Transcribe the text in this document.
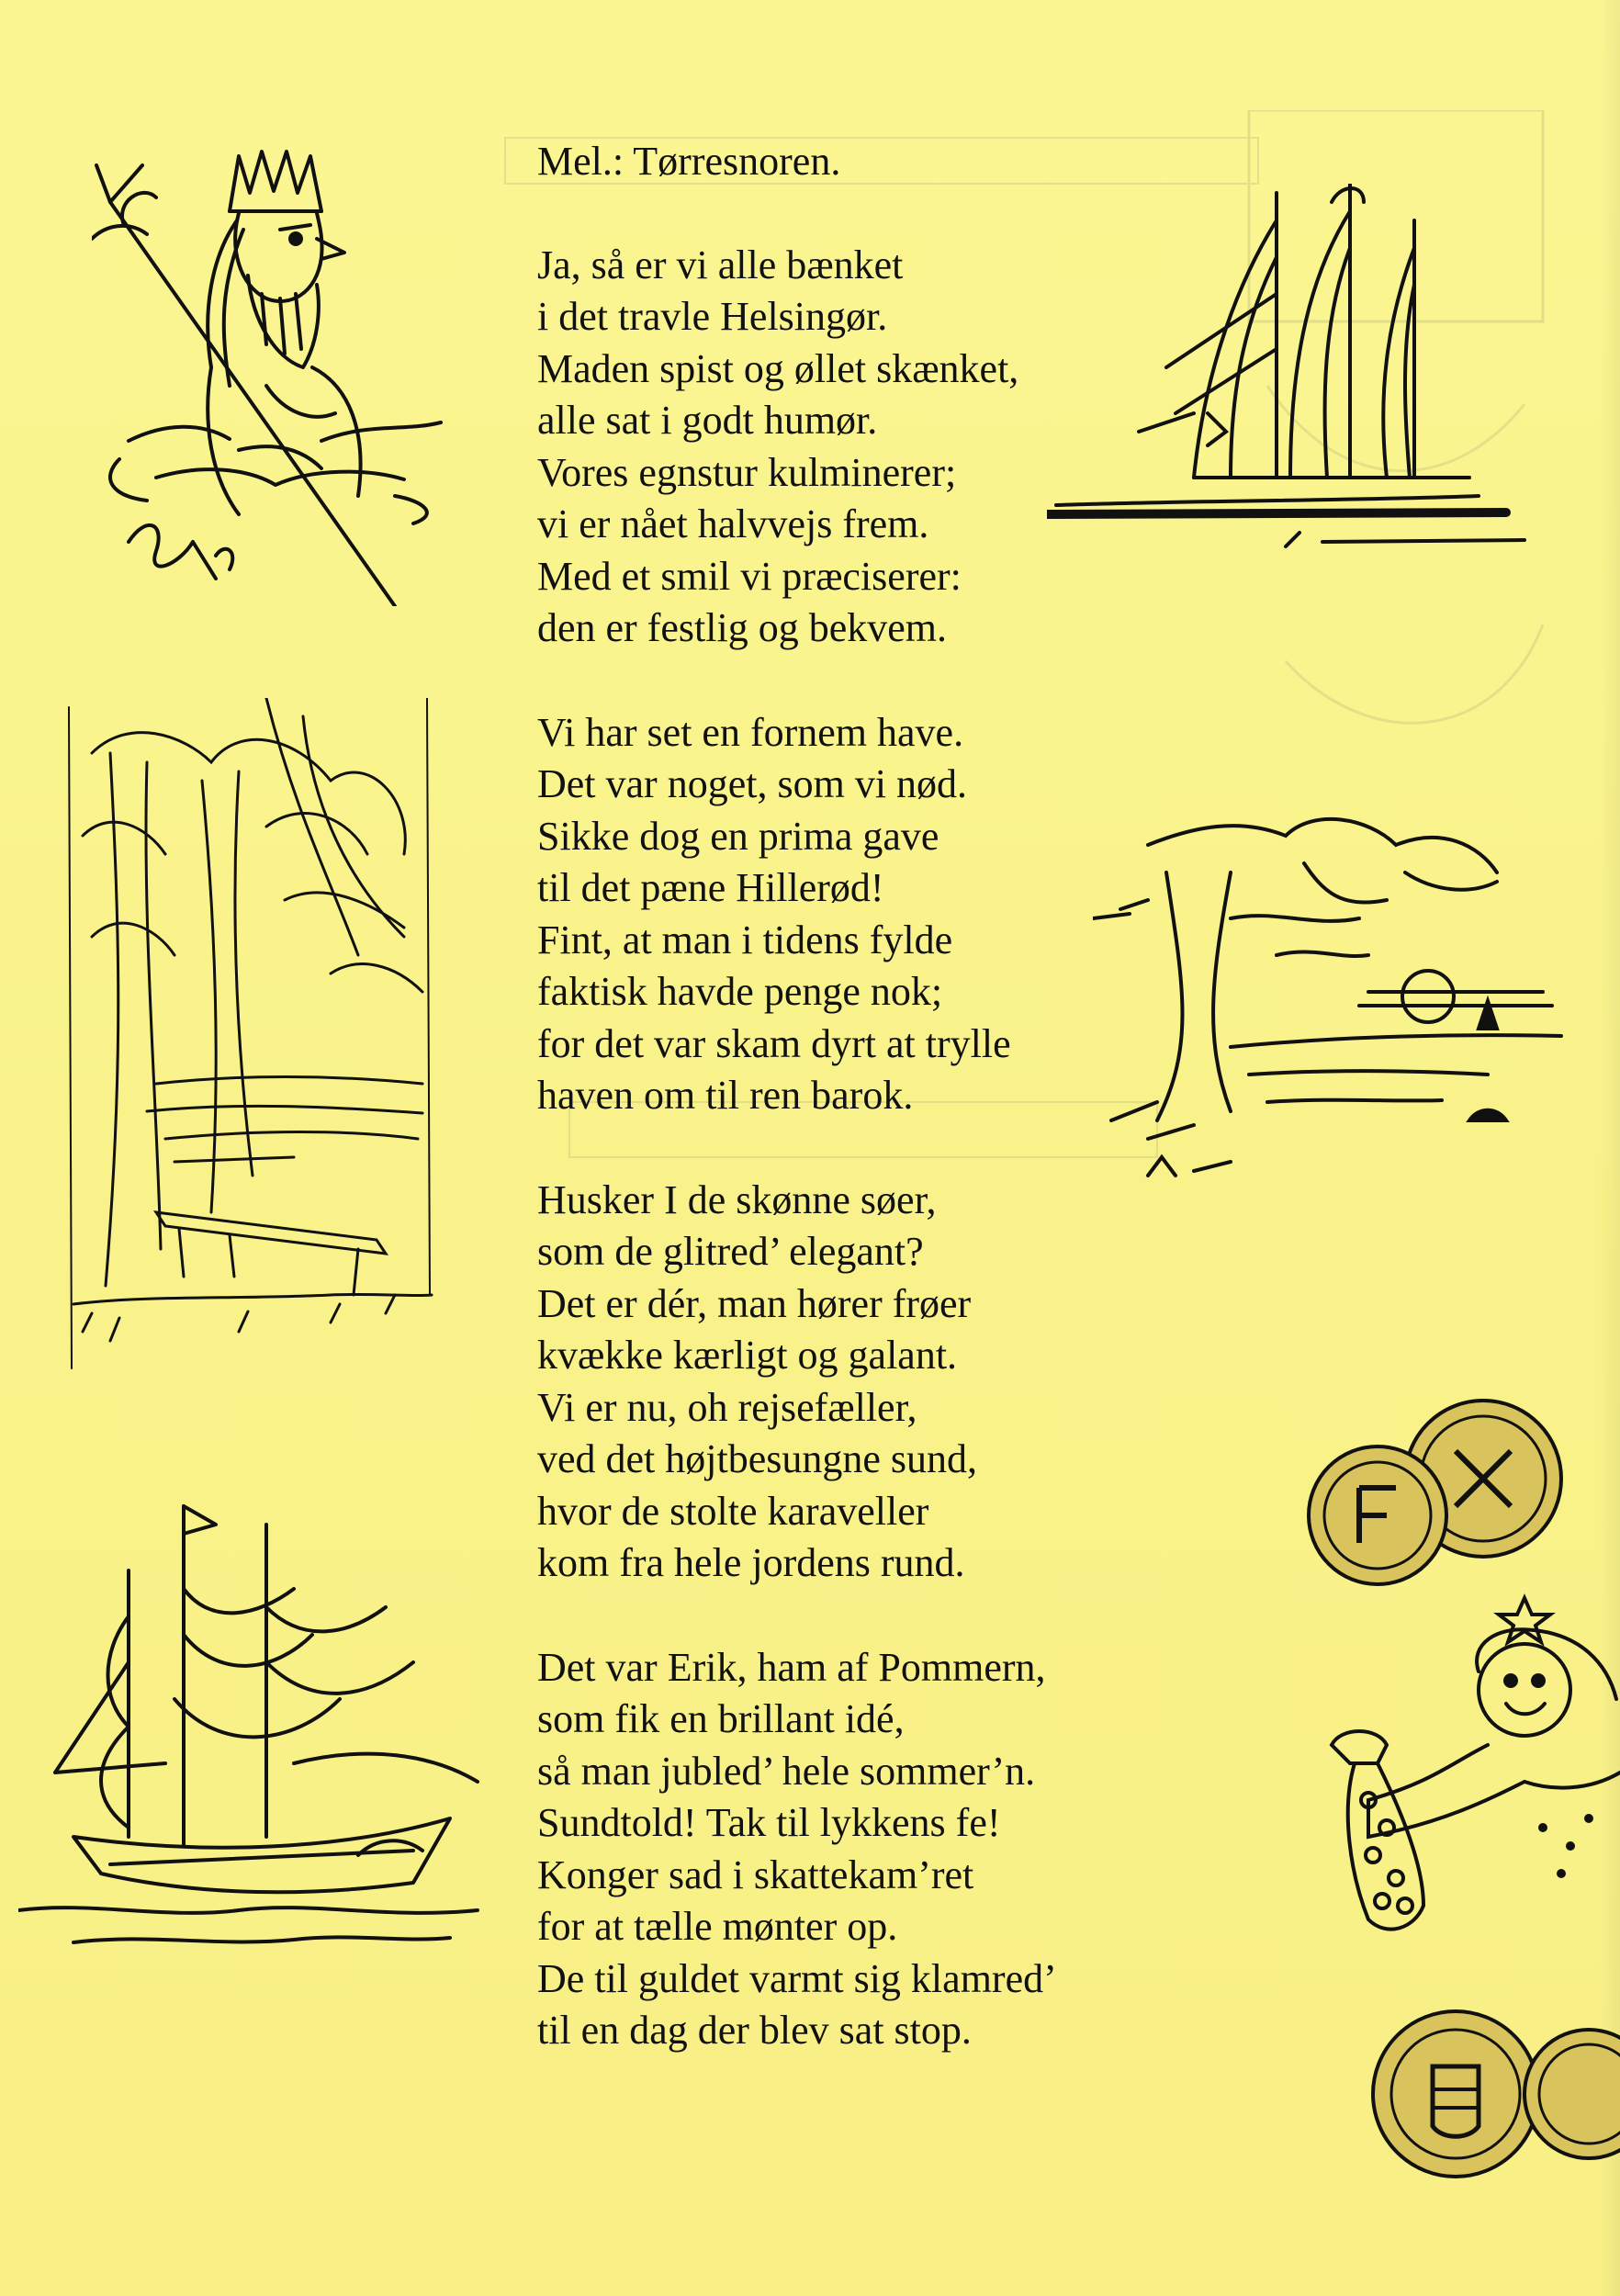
Mel.: Tørresnoren.
Ja, så er vi alle bænket
i det travle Helsingør.
Maden spist og øllet skænket,
alle sat i godt humør.
Vores egnstur kulminerer;
vi er nået halvvejs frem.
Med et smil vi præciserer:
den er festlig og bekvem.
Vi har set en fornem have.
Det var noget, som vi nød.
Sikke dog en prima gave
til det pæne Hillerød!
Fint, at man i tidens fylde
faktisk havde penge nok;
for det var skam dyrt at trylle
haven om til ren barok.
Husker I de skønne søer,
som de glitred’ elegant?
Det er dér, man hører frøer
kvække kærligt og galant.
Vi er nu, oh rejsefæller,
ved det højtbesungne sund,
hvor de stolte karaveller
kom fra hele jordens rund.
Det var Erik, ham af Pommern,
som fik en brillant idé,
så man jubled’ hele sommer’n.
Sundtold! Tak til lykkens fe!
Konger sad i skattekam’ret
for at tælle mønter op.
De til guldet varmt sig klamred’
til en dag der blev sat stop.
